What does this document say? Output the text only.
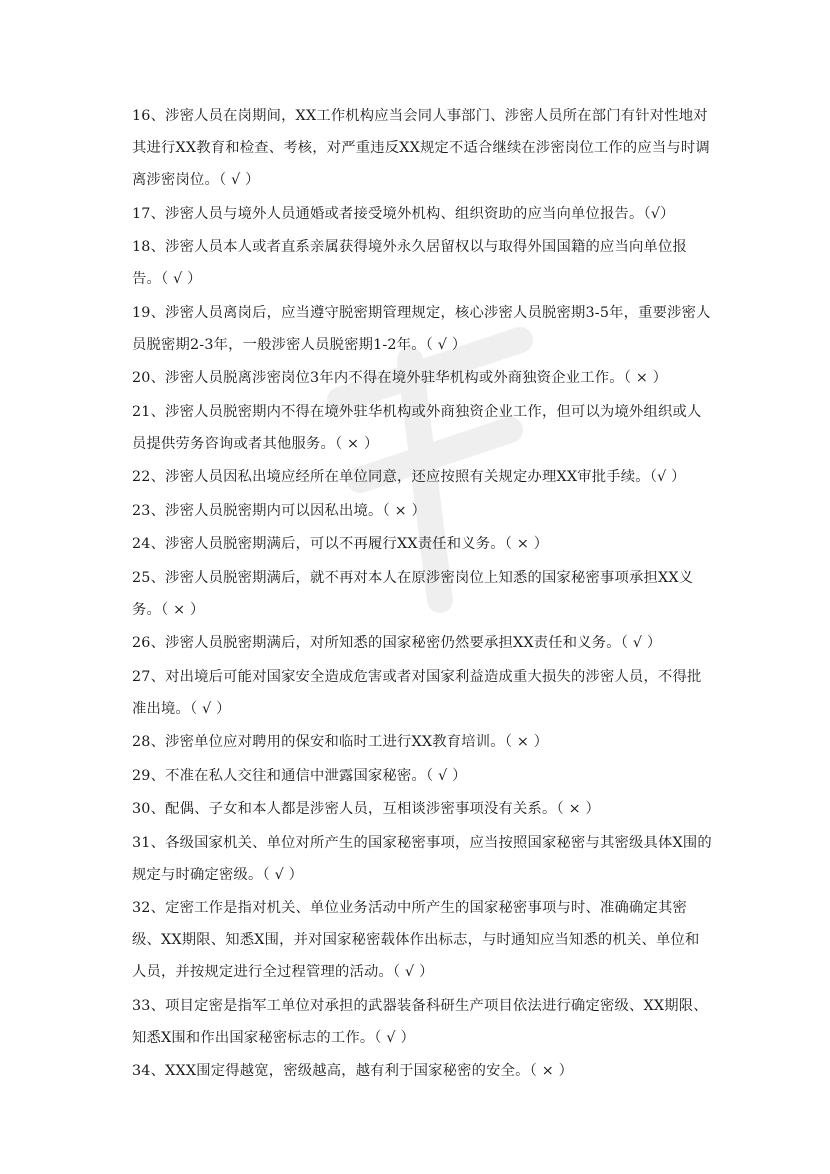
16、涉密人员在岗期间，XX工作机构应当会同人事部门、涉密人员所在部门有针对性地对其进行XX教育和检查、考核，对严重违反XX规定不适合继续在涉密岗位工作的应当与时调离涉密岗位。（ √ ）

17、涉密人员与境外人员通婚或者接受境外机构、组织资助的应当向单位报告。（√）

18、涉密人员本人或者直系亲属获得境外永久居留权以与取得外国国籍的应当向单位报告。（ √ ）

19、涉密人员离岗后，应当遵守脱密期管理规定，核心涉密人员脱密期3-5年，重要涉密人员脱密期2-3年，一般涉密人员脱密期1-2年。（ √ ）

20、涉密人员脱离涉密岗位3年内不得在境外驻华机构或外商独资企业工作。（ × ）

21、涉密人员脱密期内不得在境外驻华机构或外商独资企业工作，但可以为境外组织或人员提供劳务咨询或者其他服务。（ × ）

22、涉密人员因私出境应经所在单位同意，还应按照有关规定办理XX审批手续。（√ ）

23、涉密人员脱密期内可以因私出境。（ × ）

24、涉密人员脱密期满后，可以不再履行XX责任和义务。（ × ）

25、涉密人员脱密期满后，就不再对本人在原涉密岗位上知悉的国家秘密事项承担XX义务。（ × ）

26、涉密人员脱密期满后，对所知悉的国家秘密仍然要承担XX责任和义务。（ √ ）

27、对出境后可能对国家安全造成危害或者对国家利益造成重大损失的涉密人员，不得批准出境。（ √ ）

28、涉密单位应对聘用的保安和临时工进行XX教育培训。（ × ）

29、不准在私人交往和通信中泄露国家秘密。（ √ ）

30、配偶、子女和本人都是涉密人员，互相谈涉密事项没有关系。（ × ）

31、各级国家机关、单位对所产生的国家秘密事项，应当按照国家秘密与其密级具体X围的规定与时确定密级。（ √ ）

32、定密工作是指对机关、单位业务活动中所产生的国家秘密事项与时、准确确定其密级、XX期限、知悉X围，并对国家秘密载体作出标志，与时通知应当知悉的机关、单位和人员，并按规定进行全过程管理的活动。（ √ ）

33、项目定密是指军工单位对承担的武器装备科研生产项目依法进行确定密级、XX期限、知悉X围和作出国家秘密标志的工作。（ √ ）

34、XXX围定得越宽，密级越高，越有利于国家秘密的安全。（ × ）
